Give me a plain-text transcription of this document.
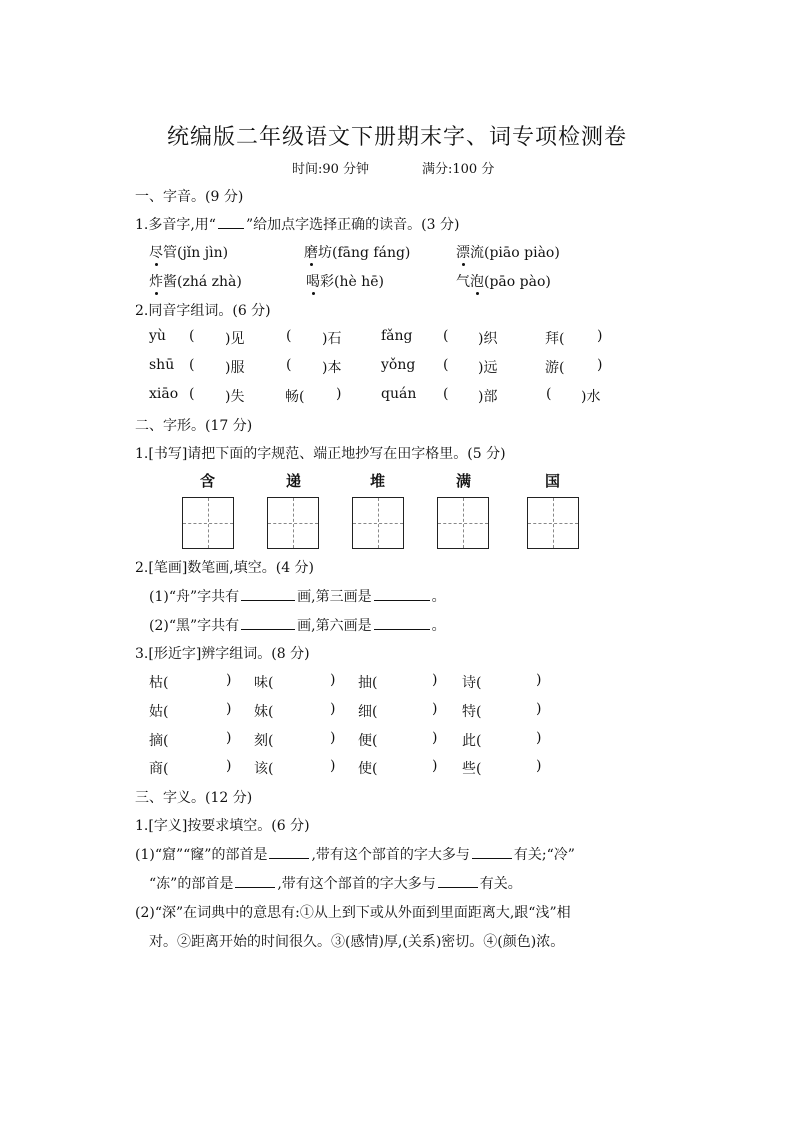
统编版二年级语文下册期末字、词专项检测卷
时间:90 分钟	满分:100 分
一、字音。(9 分)
1.多音字,用“ ”给加点字选择正确的读音。(3 分)
尽管(jǐn jìn)	磨坊(fāng fáng)	漂流(piāo piào)
炸酱(zhá zhà)	喝彩(hè hē)	气泡(pāo pào)
2.同音字组词。(6 分)
yù ( )见	( )石	fǎng ( )织	拜( )
shū ( )服	( )本	yǒng ( )远	游( )
xiāo ( )失	畅( )	quán ( )部	( )水
二、字形。(17 分)
1.[书写]请把下面的字规范、端正地抄写在田字格里。(5 分)
含	递	堆	满	国
2.[笔画]数笔画,填空。(4 分)
(1)“舟”字共有	画,第三画是	。
(2)“黑”字共有	画,第六画是	。
3.[形近字]辨字组词。(8 分)
枯(	) 味(	) 抽(	) 诗(	)
姑(	) 妹(	) 细(	) 特(	)
摘(	) 刻(	) 便(	) 此(	)
商(	) 该(	) 使(	) 些(	)
三、字义。(12 分)
1.[字义]按要求填空。(6 分)
(1)“窟”“窿”的部首是	,带有这个部首的字大多与	有关;“冷”
“冻”的部首是	,带有这个部首的字大多与	有关。
(2)“深”在词典中的意思有:①从上到下或从外面到里面距离大,跟“浅”相
对。②距离开始的时间很久。③(感情)厚,(关系)密切。④(颜色)浓。
